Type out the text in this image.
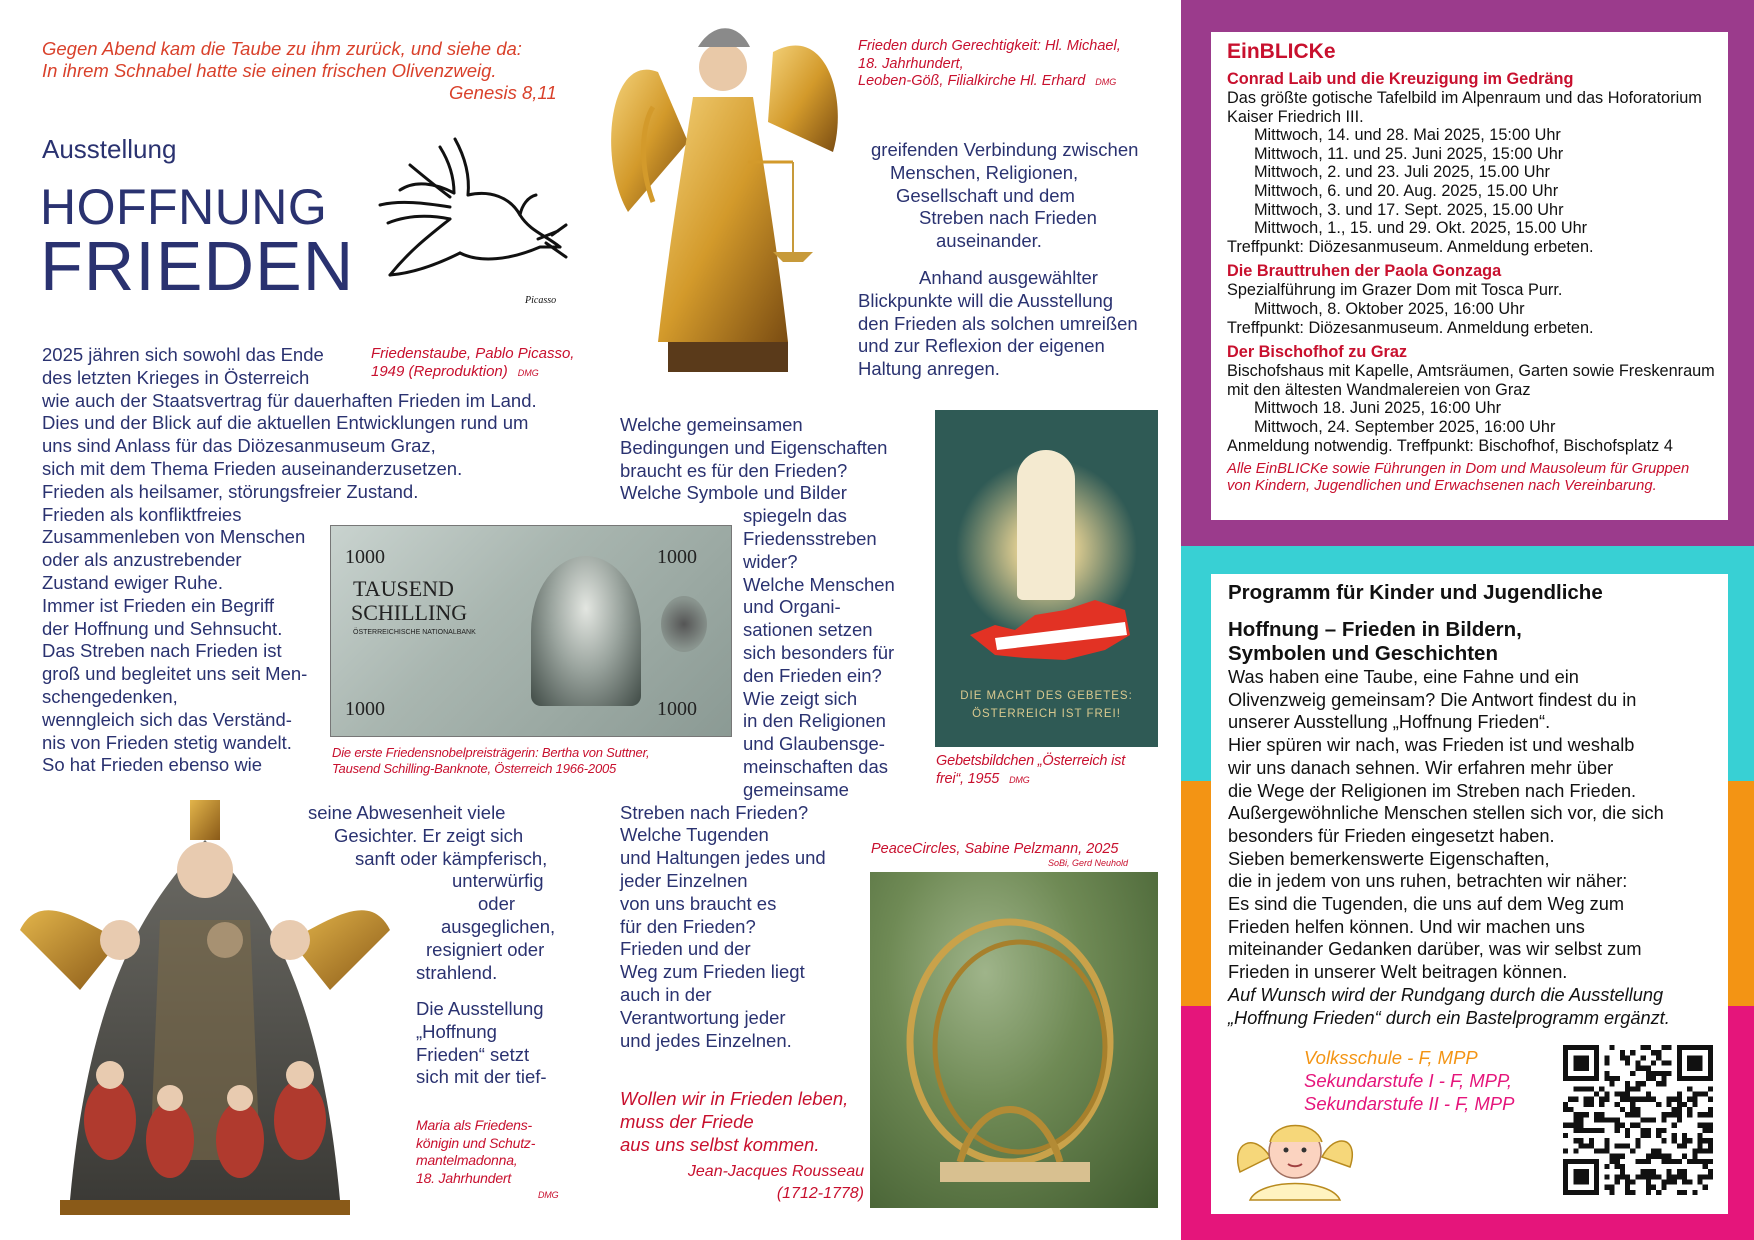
Gegen Abend kam die Taube zu ihm zurück, und siehe da:
In ihrem Schnabel hatte sie einen frischen Olivenzweig.
Genesis 8,11
Ausstellung
HOFFNUNG
FRIEDEN	Picasso
Friedenstaube, Pablo Picasso,
1949 (Reproduktion) DMG

2025 jähren sich sowohl das Ende

des letzten Krieges in Österreich

wie auch der Staatsvertrag für dauerhaften Frieden im Land.

Dies und der Blick auf die aktuellen Entwicklungen rund um

uns sind Anlass für das Diözesanmuseum Graz,

sich mit dem Thema Frieden auseinanderzusetzen.

Frieden als heilsamer, störungsfreier Zustand.

Frieden als konfliktfreies

Zusammenleben von Menschen

oder als anzustrebender

Zustand ewiger Ruhe.

Immer ist Frieden ein Begriff

der Hoffnung und Sehnsucht.

Das Streben nach Frieden ist

groß und begleitet uns seit Men-

schengedenken,

wenngleich sich das Verständ-

nis von Frieden stetig wandelt.

So hat Frieden ebenso wie

1000	1000
TAUSEND
SCHILLING
ÖSTERREICHISCHE NATIONALBANK
1000	1000
Die erste Friedensnobelpreisträgerin: Bertha von Suttner,
Tausend Schilling-Banknote, Österreich 1966-2005

seine Abwesenheit viele

Gesichter. Er zeigt sich

sanft oder kämpferisch,

unterwürfig

oder

ausgeglichen,

resigniert oder

strahlend.

Die Ausstellung

„Hoffnung

Frieden“ setzt

sich mit der tief-

Maria als Friedens-
königin und Schutz-
mantelmadonna,
18. Jahrhundert
DMG
Frieden durch Gerechtigkeit: Hl. Michael,
18. Jahrhundert,
Leoben-Göß, Filialkirche Hl. Erhard DMG

greifenden Verbindung zwischen

Menschen, Religionen,

Gesellschaft und dem

Streben nach Frieden

auseinander.

Anhand ausgewählter

Blickpunkte will die Ausstellung

den Frieden als solchen umreißen

und zur Reflexion der eigenen

Haltung anregen.

Welche gemeinsamen

Bedingungen und Eigenschaften

braucht es für den Frieden?

Welche Symbole und Bilder

spiegeln das

Friedensstreben

wider?

Welche Menschen

und Organi-

sationen setzen

sich besonders für

den Frieden ein?

Wie zeigt sich

in den Religionen

und Glaubensge-

meinschaften das

gemeinsame

Streben nach Frieden?

Welche Tugenden

und Haltungen jedes und

jeder Einzelnen

von uns braucht es

für den Frieden?

Frieden und der

Weg zum Frieden liegt

auch in der

Verantwortung jeder

und jedes Einzelnen.

DIE MACHT DES GEBETES:
ÖSTERREICH IST FREI!
Gebetsbildchen „Österreich ist
frei“, 1955 DMG
PeaceCircles, Sabine Pelzmann, 2025
SoBi, Gerd Neuhold
Wollen wir in Frieden leben,
muss der Friede
aus uns selbst kommen.
Jean-Jacques Rousseau
(1712-1778)
EinBLICKe

Conrad Laib und die Kreuzigung im Gedräng

Das größte gotische Tafelbild im Alpenraum und das Hoforatorium

Kaiser Friedrich III.

Mittwoch, 14. und 28. Mai 2025, 15:00 Uhr

Mittwoch, 11. und 25. Juni 2025, 15:00 Uhr

Mittwoch, 2. und 23. Juli 2025, 15.00 Uhr

Mittwoch, 6. und 20. Aug. 2025, 15.00 Uhr

Mittwoch, 3. und 17. Sept. 2025, 15.00 Uhr

Mittwoch, 1., 15. und 29. Okt. 2025, 15.00 Uhr

Treffpunkt: Diözesanmuseum. Anmeldung erbeten.

Die Brauttruhen der Paola Gonzaga

Spezialführung im Grazer Dom mit Tosca Purr.

Mittwoch, 8. Oktober 2025, 16:00 Uhr

Treffpunkt: Diözesanmuseum. Anmeldung erbeten.

Der Bischofhof zu Graz

Bischofshaus mit Kapelle, Amtsräumen, Garten sowie Freskenraum

mit den ältesten Wandmalereien von Graz

Mittwoch 18. Juni 2025, 16:00 Uhr

Mittwoch, 24. September 2025, 16:00 Uhr

Anmeldung notwendig. Treffpunkt: Bischofhof, Bischofsplatz 4

Alle EinBLICKe sowie Führungen in Dom und Mausoleum für Gruppen

von Kindern, Jugendlichen und Erwachsenen nach Vereinbarung.

Programm für Kinder und Jugendliche
Hoffnung – Frieden in Bildern,
Symbolen und Geschichten

Was haben eine Taube, eine Fahne und ein

Olivenzweig gemeinsam? Die Antwort findest du in

unserer Ausstellung „Hoffnung Frieden“.

Hier spüren wir nach, was Frieden ist und weshalb

wir uns danach sehnen. Wir erfahren mehr über

die Wege der Religionen im Streben nach Frieden.

Außergewöhnliche Menschen stellen sich vor, die sich

besonders für Frieden eingesetzt haben.

Sieben bemerkenswerte Eigenschaften,

die in jedem von uns ruhen, betrachten wir näher:

Es sind die Tugenden, die uns auf dem Weg zum

Frieden helfen können. Und wir machen uns

miteinander Gedanken darüber, was wir selbst zum

Frieden in unserer Welt beitragen können.

Auf Wunsch wird der Rundgang durch die Ausstellung

„Hoffnung Frieden“ durch ein Bastelprogramm ergänzt.

Volksschule - F, MPP
Sekundarstufe I - F, MPP,
Sekundarstufe II - F, MPP
